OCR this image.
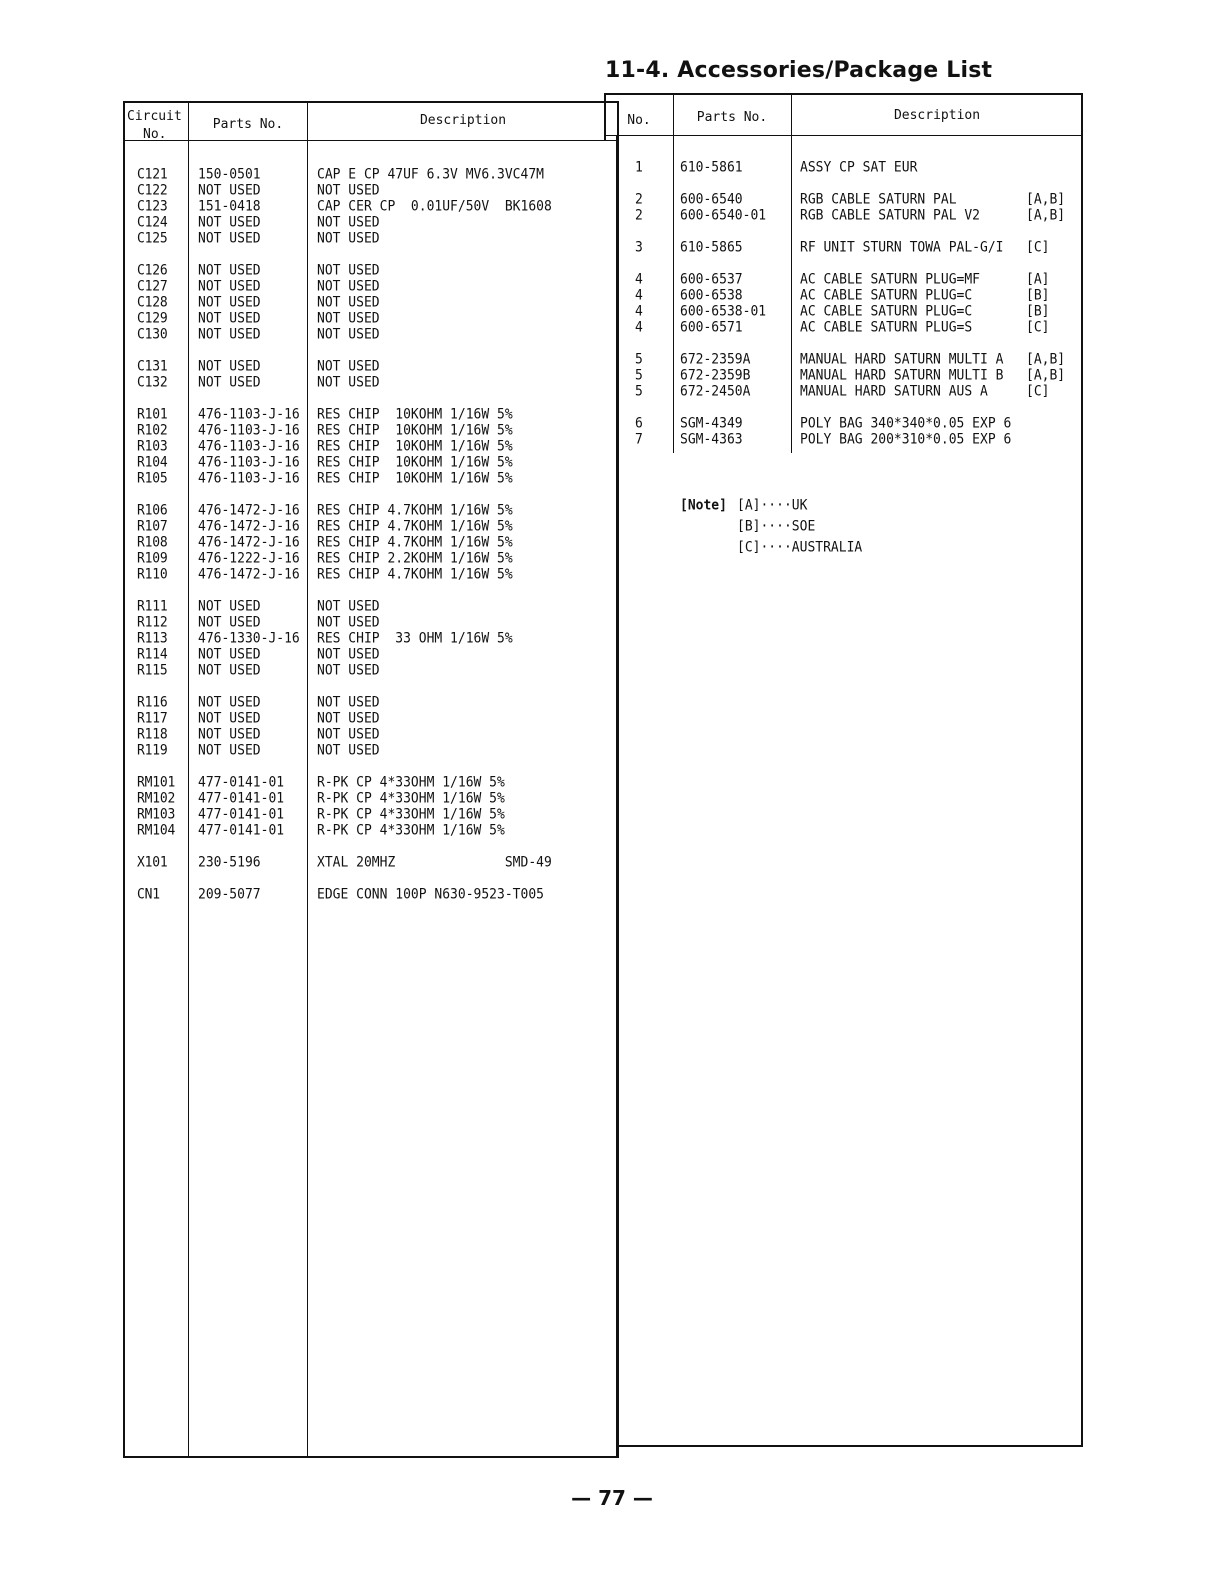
11-4. Accessories/Package List
Circuit
No.
Parts No.	Description
C121 150-0501	CAP E CP 47UF 6.3V MV6.3VC47M
C122 NOT USED	NOT USED
C123 151-0418	CAP CER CP  0.01UF/50V  BK1608
C124 NOT USED	NOT USED
C125 NOT USED	NOT USED
C126 NOT USED	NOT USED
C127 NOT USED	NOT USED
C128 NOT USED	NOT USED
C129 NOT USED	NOT USED
C130 NOT USED	NOT USED
C131 NOT USED	NOT USED
C132 NOT USED	NOT USED
R101 476-1103-J-16 RES CHIP  10KOHM 1/16W 5%
R102 476-1103-J-16 RES CHIP  10KOHM 1/16W 5%
R103 476-1103-J-16 RES CHIP  10KOHM 1/16W 5%
R104 476-1103-J-16 RES CHIP  10KOHM 1/16W 5%
R105 476-1103-J-16 RES CHIP  10KOHM 1/16W 5%
R106 476-1472-J-16 RES CHIP 4.7KOHM 1/16W 5%
R107 476-1472-J-16 RES CHIP 4.7KOHM 1/16W 5%
R108 476-1472-J-16 RES CHIP 4.7KOHM 1/16W 5%
R109 476-1222-J-16 RES CHIP 2.2KOHM 1/16W 5%
R110 476-1472-J-16 RES CHIP 4.7KOHM 1/16W 5%
R111 NOT USED	NOT USED
R112 NOT USED	NOT USED
R113 476-1330-J-16 RES CHIP  33 OHM 1/16W 5%
R114 NOT USED	NOT USED
R115 NOT USED	NOT USED
R116 NOT USED	NOT USED
R117 NOT USED	NOT USED
R118 NOT USED	NOT USED
R119 NOT USED	NOT USED
RM101 477-0141-01	R-PK CP 4*33OHM 1/16W 5%
RM102 477-0141-01	R-PK CP 4*33OHM 1/16W 5%
RM103 477-0141-01	R-PK CP 4*33OHM 1/16W 5%
RM104 477-0141-01	R-PK CP 4*33OHM 1/16W 5%
X101 230-5196	XTAL 20MHZ              SMD-49
CN1	209-5077	EDGE CONN 100P N630-9523-T005
No.	Parts No.	Description
1	610-5861	ASSY CP SAT EUR
2	600-6540	RGB CABLE SATURN PAL	[A,B]
2	600-6540-01	RGB CABLE SATURN PAL V2	[A,B]
3	610-5865	RF UNIT STURN TOWA PAL-G/I [C]
4	600-6537	AC CABLE SATURN PLUG=MF	[A]
4	600-6538	AC CABLE SATURN PLUG=C	[B]
4	600-6538-01	AC CABLE SATURN PLUG=C	[B]
4	600-6571	AC CABLE SATURN PLUG=S	[C]
5	672-2359A	MANUAL HARD SATURN MULTI A [A,B]
5	672-2359B	MANUAL HARD SATURN MULTI B [A,B]
5	672-2450A	MANUAL HARD SATURN AUS A	[C]
6	SGM-4349	POLY BAG 340*340*0.05 EXP 6
7	SGM-4363	POLY BAG 200*310*0.05 EXP 6
[Note] [A]····UK
[B]····SOE
[C]····AUSTRALIA
— 77 —
